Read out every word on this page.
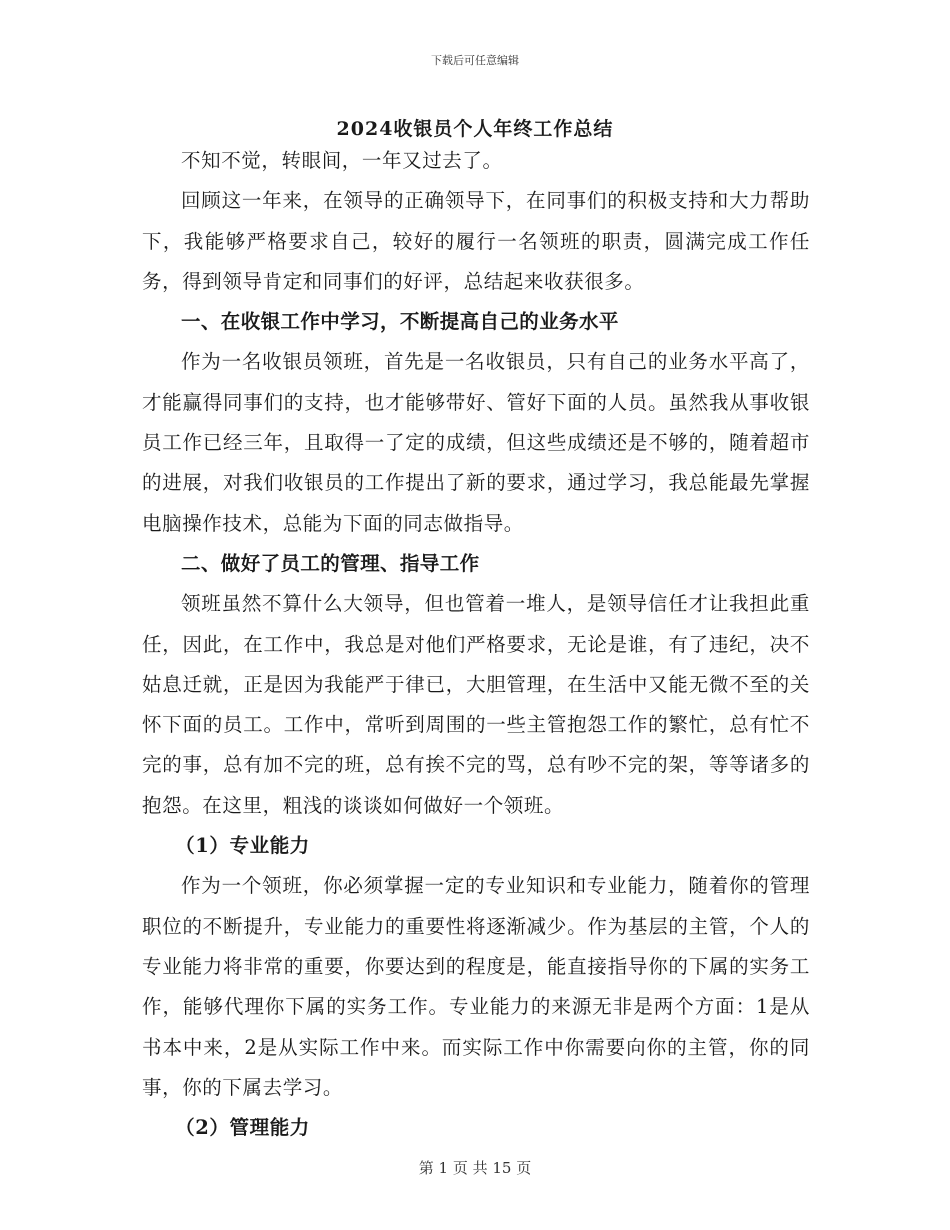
下载后可任意编辑
2024收银员个人年终工作总结

不知不觉，转眼间，一年又过去了。

回顾这一年来，在领导的正确领导下，在同事们的积极支持和大力帮助下，我能够严格要求自己，较好的履行一名领班的职责，圆满完成工作任务，得到领导肯定和同事们的好评，总结起来收获很多。

一、在收银工作中学习，不断提高自己的业务水平

作为一名收银员领班，首先是一名收银员，只有自己的业务水平高了，才能赢得同事们的支持，也才能够带好、管好下面的人员。虽然我从事收银员工作已经三年，且取得一了定的成绩，但这些成绩还是不够的，随着超市的进展，对我们收银员的工作提出了新的要求，通过学习，我总能最先掌握电脑操作技术，总能为下面的同志做指导。

二、做好了员工的管理、指导工作

领班虽然不算什么大领导，但也管着一堆人，是领导信任才让我担此重任，因此，在工作中，我总是对他们严格要求，无论是谁，有了违纪，决不姑息迁就，正是因为我能严于律已，大胆管理，在生活中又能无微不至的关怀下面的员工。工作中，常听到周围的一些主管抱怨工作的繁忙，总有忙不完的事，总有加不完的班，总有挨不完的骂，总有吵不完的架，等等诸多的抱怨。在这里，粗浅的谈谈如何做好一个领班。

（1）专业能力

作为一个领班，你必须掌握一定的专业知识和专业能力，随着你的管理职位的不断提升，专业能力的重要性将逐渐减少。作为基层的主管，个人的专业能力将非常的重要，你要达到的程度是，能直接指导你的下属的实务工作，能够代理你下属的实务工作。专业能力的来源无非是两个方面：1是从书本中来，2是从实际工作中来。而实际工作中你需要向你的主管，你的同事，你的下属去学习。

（2）管理能力

第 1 页 共 15 页
